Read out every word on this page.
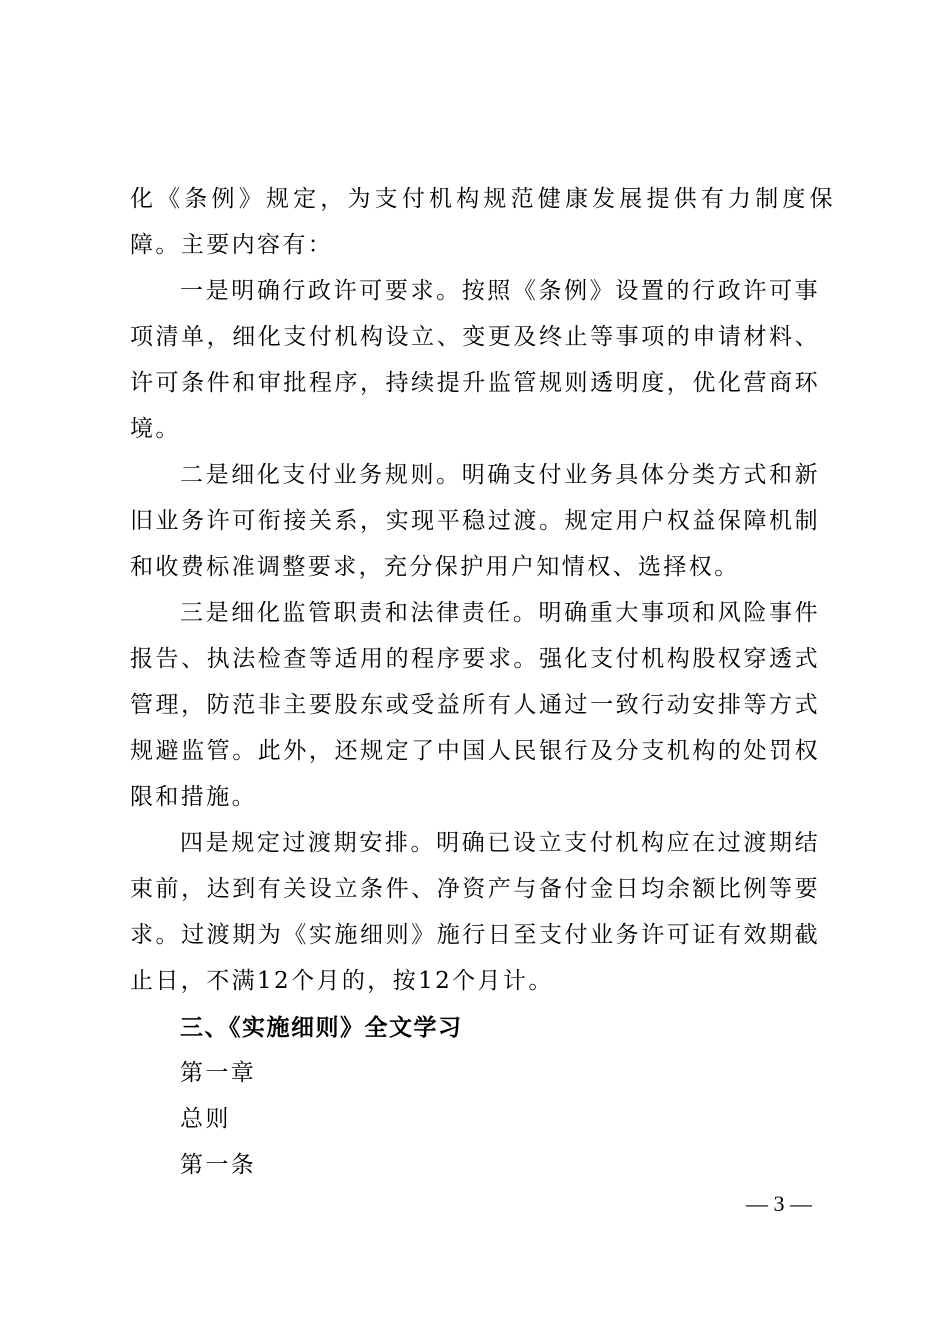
化《条例》规定，为支付机构规范健康发展提供有力制度保障。主要内容有：

一是明确行政许可要求。按照《条例》设置的行政许可事项清单，细化支付机构设立、变更及终止等事项的申请材料、许可条件和审批程序，持续提升监管规则透明度，优化营商环境。

二是细化支付业务规则。明确支付业务具体分类方式和新旧业务许可衔接关系，实现平稳过渡。规定用户权益保障机制和收费标准调整要求，充分保护用户知情权、选择权。

三是细化监管职责和法律责任。明确重大事项和风险事件报告、执法检查等适用的程序要求。强化支付机构股权穿透式管理，防范非主要股东或受益所有人通过一致行动安排等方式规避监管。此外，还规定了中国人民银行及分支机构的处罚权限和措施。

四是规定过渡期安排。明确已设立支付机构应在过渡期结束前，达到有关设立条件、净资产与备付金日均余额比例等要求。过渡期为《实施细则》施行日至支付业务许可证有效期截止日，不满12个月的，按12个月计。

三、《实施细则》全文学习

第一章

总则

第一条

— 3 —
